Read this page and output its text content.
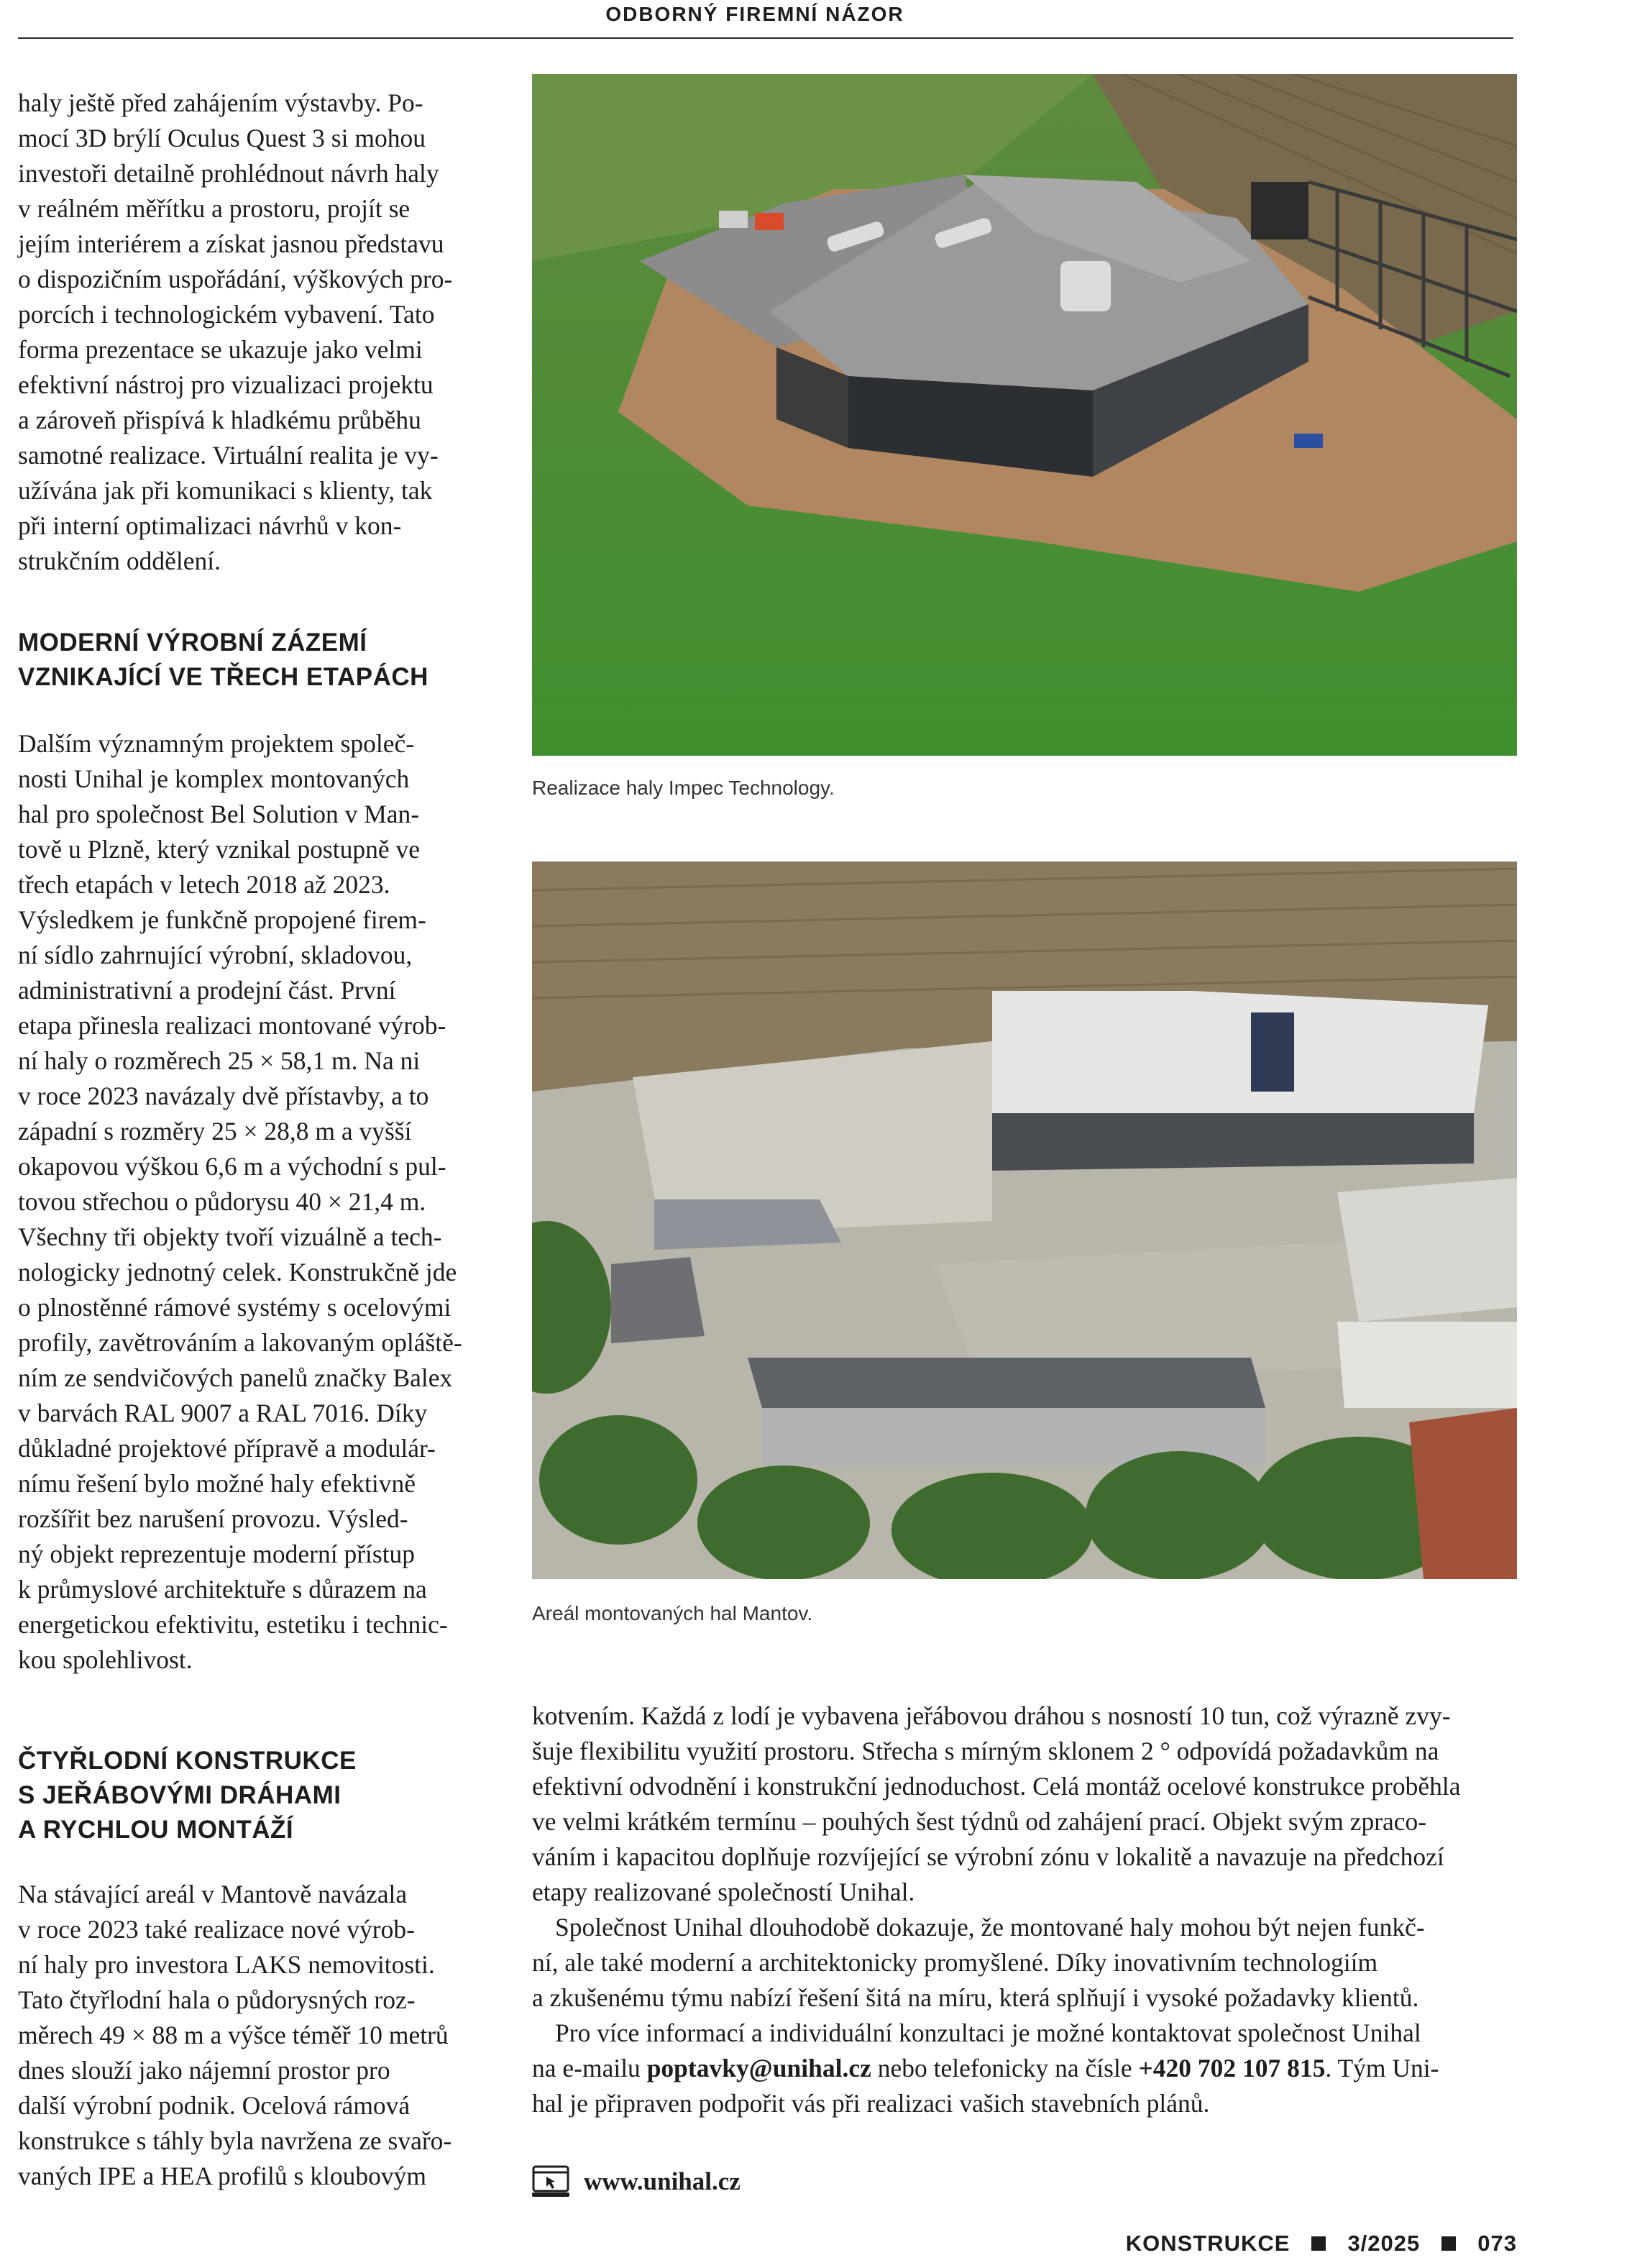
ODBORNÝ FIREMNÍ NÁZOR

haly ještě před zahájením výstavby. Po-
mocí 3D brýlí Oculus Quest 3 si mohou
investoři detailně prohlédnout návrh haly
v reálném měřítku a prostoru, projít se
jejím interiérem a získat jasnou představu
o dispozičním uspořádání, výškových pro-
porcích i technologickém vybavení. Tato
forma prezentace se ukazuje jako velmi
efektivní nástroj pro vizualizaci projektu
a zároveň přispívá k hladkému průběhu
samotné realizace. Virtuální realita je vy-
užívána jak při komunikaci s klienty, tak
při interní optimalizaci návrhů v kon-
strukčním oddělení.

MODERNÍ VÝROBNÍ ZÁZEMÍ
VZNIKAJÍCÍ VE TŘECH ETAPÁCH

Dalším významným projektem společ-
nosti Unihal je komplex montovaných
hal pro společnost Bel Solution v Man-
tově u Plzně, který vznikal postupně ve
třech etapách v letech 2018 až 2023.
Výsledkem je funkčně propojené firem-
ní sídlo zahrnující výrobní, skladovou,
administrativní a prodejní část. První
etapa přinesla realizaci montované výrob-
ní haly o rozměrech 25 × 58,1 m. Na ni
v roce 2023 navázaly dvě přístavby, a to
západní s rozměry 25 × 28,8 m a vyšší
okapovou výškou 6,6 m a východní s pul-
tovou střechou o půdorysu 40 × 21,4 m.
Všechny tři objekty tvoří vizuálně a tech-
nologicky jednotný celek. Konstrukčně jde
o plnostěnné rámové systémy s ocelovými
profily, zavětrováním a lakovaným opláště-
ním ze sendvičových panelů značky Balex
v barvách RAL 9007 a RAL 7016. Díky
důkladné projektové přípravě a modulár-
nímu řešení bylo možné haly efektivně
rozšířit bez narušení provozu. Výsled-
ný objekt reprezentuje moderní přístup
k průmyslové architektuře s důrazem na
energetickou efektivitu, estetiku i technic-
kou spolehlivost.

ČTYŘLODNÍ KONSTRUKCE
S JEŘÁBOVÝMI DRÁHAMI
A RYCHLOU MONTÁŽÍ

Na stávající areál v Mantově navázala
v roce 2023 také realizace nové výrob-
ní haly pro investora LAKS nemovitosti.
Tato čtyřlodní hala o půdorysných roz-
měrech 49 × 88 m a výšce téměř 10 metrů
dnes slouží jako nájemní prostor pro
další výrobní podnik. Ocelová rámová
konstrukce s táhly byla navržena ze svařo-
vaných IPE a HEA profilů s kloubovým

Realizace haly Impec Technology.
Areál montovaných hal Mantov.

kotvením. Každá z lodí je vybavena jeřábovou dráhou s nosností 10 tun, což výrazně zvy-
šuje flexibilitu využití prostoru. Střecha s mírným sklonem 2 ° odpovídá požadavkům na
efektivní odvodnění i konstrukční jednoduchost. Celá montáž ocelové konstrukce proběhla
ve velmi krátkém termínu – pouhých šest týdnů od zahájení prací. Objekt svým zpraco-
váním i kapacitou doplňuje rozvíjející se výrobní zónu v lokalitě a navazuje na předchozí
etapy realizované společností Unihal.

Společnost Unihal dlouhodobě dokazuje, že montované haly mohou být nejen funkč-
ní, ale také moderní a architektonicky promyšlené. Díky inovativním technologiím
a zkušenému týmu nabízí řešení šitá na míru, která splňují i vysoké požadavky klientů.

Pro více informací a individuální konzultaci je možné kontaktovat společnost Unihal
na e-mailu poptavky@unihal.cz nebo telefonicky na čísle +420 702 107 815. Tým Uni-
hal je připraven podpořit vás při realizaci vašich stavebních plánů.

www.unihal.cz
KONSTRUKCE	3/2025	073
